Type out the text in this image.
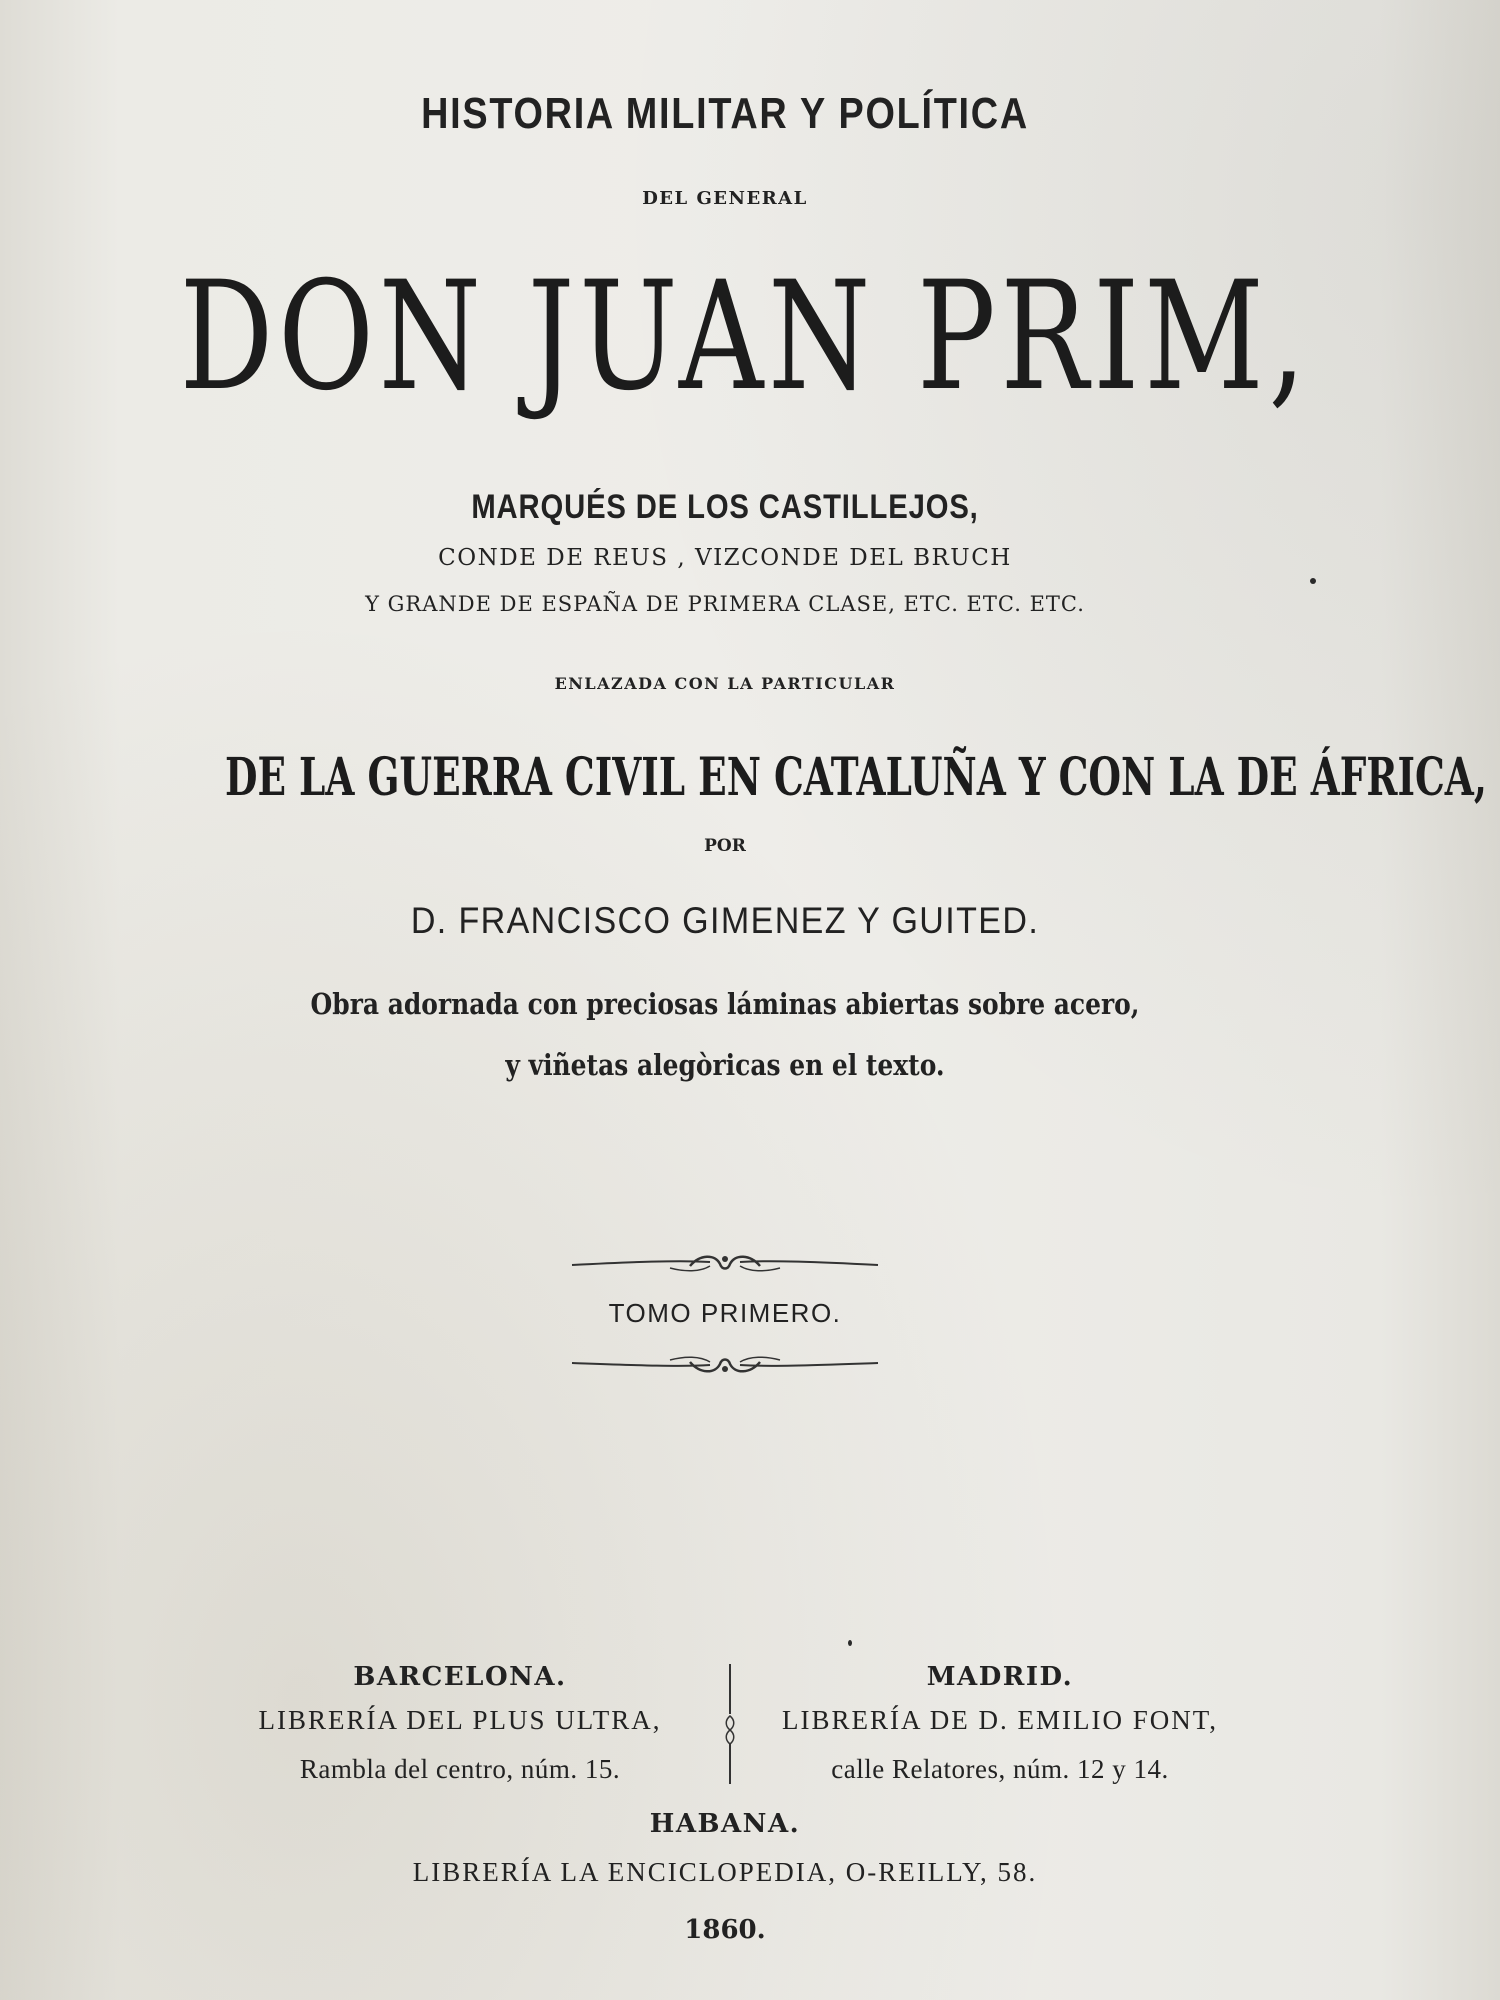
HISTORIA MILITAR Y POLÍTICA
DEL GENERAL
DON JUAN PRIM,
MARQUÉS DE LOS CASTILLEJOS,
CONDE DE REUS , VIZCONDE DEL BRUCH
Y GRANDE DE ESPAÑA DE PRIMERA CLASE, ETC. ETC. ETC.
ENLAZADA CON LA PARTICULAR
DE LA GUERRA CIVIL EN CATALUÑA Y CON LA DE ÁFRICA,
POR
D. FRANCISCO GIMENEZ Y GUITED.
Obra adornada con preciosas láminas abiertas sobre acero,
y viñetas alegòricas en el texto.
TOMO PRIMERO.
BARCELONA.
LIBRERÍA DEL PLUS ULTRA,
Rambla del centro, núm. 15.
MADRID.
LIBRERÍA DE D. EMILIO FONT,
calle Relatores, núm. 12 y 14.
HABANA.
LIBRERÍA LA ENCICLOPEDIA, O-REILLY, 58.
1860.
